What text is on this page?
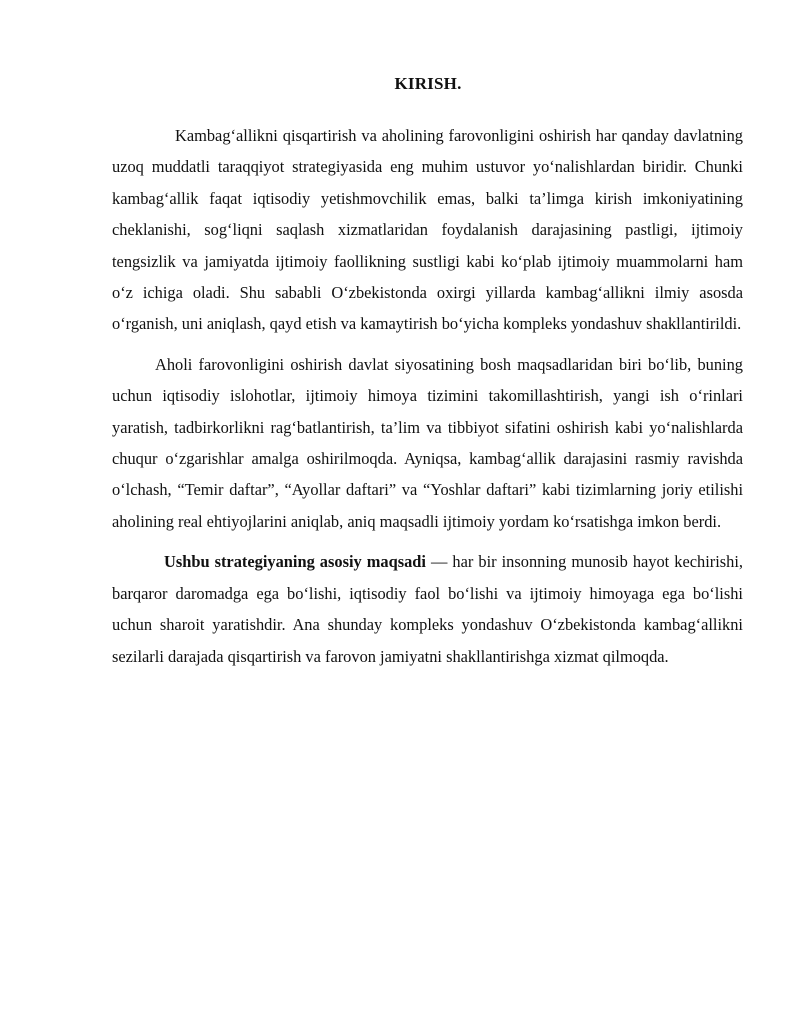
KIRISH.

Kambag‘allikni qisqartirish va aholining farovonligini oshirish har qanday davlatning uzoq muddatli taraqqiyot strategiyasida eng muhim ustuvor yo‘nalishlardan biridir. Chunki kambag‘allik faqat iqtisodiy yetishmovchilik emas, balki ta’limga kirish imkoniyatining cheklanishi, sog‘liqni saqlash xizmatlaridan foydalanish darajasining pastligi, ijtimoiy tengsizlik va jamiyatda ijtimoiy faollikning sustligi kabi ko‘plab ijtimoiy muammolarni ham o‘z ichiga oladi. Shu sababli O‘zbekistonda oxirgi yillarda kambag‘allikni ilmiy asosda o‘rganish, uni aniqlash, qayd etish va kamaytirish bo‘yicha kompleks yondashuv shakllantirildi.

Aholi farovonligini oshirish davlat siyosatining bosh maqsadlaridan biri bo‘lib, buning uchun iqtisodiy islohotlar, ijtimoiy himoya tizimini takomillashtirish, yangi ish o‘rinlari yaratish, tadbirkorlikni rag‘batlantirish, ta’lim va tibbiyot sifatini oshirish kabi yo‘nalishlarda chuqur o‘zgarishlar amalga oshirilmoqda. Ayniqsa, kambag‘allik darajasini rasmiy ravishda o‘lchash, “Temir daftar”, “Ayollar daftari” va “Yoshlar daftari” kabi tizimlarning joriy etilishi aholining real ehtiyojlarini aniqlab, aniq maqsadli ijtimoiy yordam ko‘rsatishga imkon berdi.

Ushbu strategiyaning asosiy maqsadi — har bir insonning munosib hayot kechirishi, barqaror daromadga ega bo‘lishi, iqtisodiy faol bo‘lishi va ijtimoiy himoyaga ega bo‘lishi uchun sharoit yaratishdir. Ana shunday kompleks yondashuv O‘zbekistonda kambag‘allikni sezilarli darajada qisqartirish va farovon jamiyatni shakllantirishga xizmat qilmoqda.
